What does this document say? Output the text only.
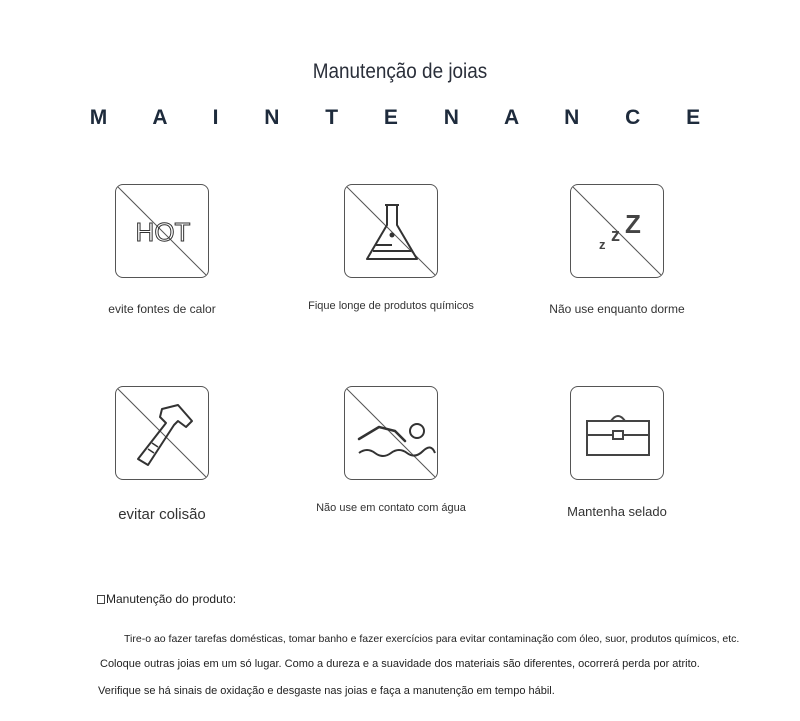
Manutenção de joias
M A I N T E N A N C E
HOT
evite fontes de calor	Fique longe de produtos químicos
z z Z
Não use enquanto dorme
evitar colisão	Não use em contato com água	Mantenha selado
Manutenção do produto:
Tire-o ao fazer tarefas domésticas, tomar banho e fazer exercícios para evitar contaminação com óleo, suor, produtos químicos, etc.
Coloque outras joias em um só lugar. Como a dureza e a suavidade dos materiais são diferentes, ocorrerá perda por atrito.
Verifique se há sinais de oxidação e desgaste nas joias e faça a manutenção em tempo hábil.
